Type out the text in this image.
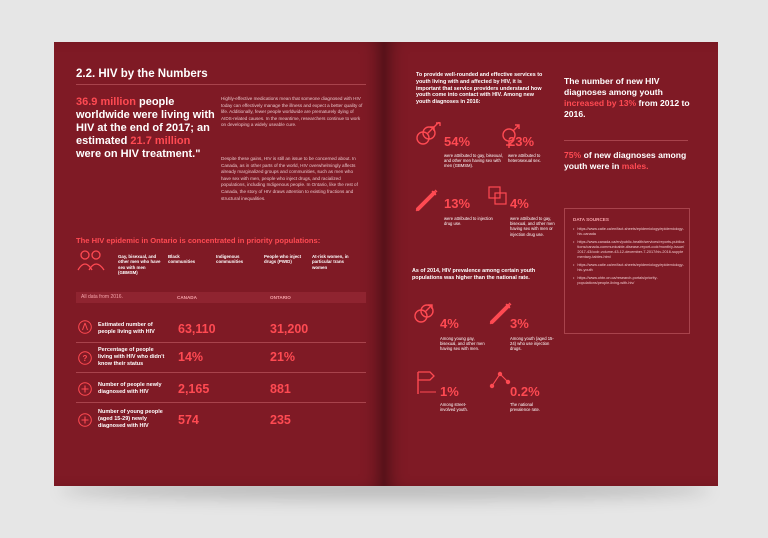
2.2. HIV by the Numbers
36.9 million people worldwide were living with HIV at the end of 2017; an estimated 21.7 million were on HIV treatment."
Highly-effective medications mean that someone diagnosed with HIV today can effectively manage the illness and expect a better quality of life. Additionally, fewer people worldwide are prematurely dying of AIDS-related causes. In the meantime, researchers continue to work on developing a widely useable cure.
Despite these gains, HIV is still an issue to be concerned about. In Canada, as in other parts of the world, HIV overwhelmingly affects already marginalized groups and communities, such as men who have sex with men, people who inject drugs, and racialized populations, including Indigenous people. In Ontario, like the rest of Canada, the story of HIV draws attention to existing fractions and structural inequalities.
The HIV epidemic in Ontario is concentrated in priority populations:
Gay, bisexual, and other men who have sex with men (GBMSM)
Black communities
Indigenous communities
People who inject drugs (PWID)
At-risk women, in particular trans women
All data from 2016.	CANADA	ONTARIO
Estimated number of people living with HIV	63,110	31,200
?
Percentage of people living with HIV who didn't know their status	14%	21%
Number of people newly diagnosed with HIV	2,165	881
Number of young people (aged 15-29) newly diagnosed with HIV	574	235
To provide well-rounded and effective services to youth living with and affected by HIV, it is important that service providers understand how youth come into contact with HIV. Among new youth diagnoses in 2016:
54%
were attributed to gay, bisexual, and other men having sex with men (GBMSM).
23%
were attributed to heterosexual sex.
13%
were attributed to injection drug use.
4%
were attributed to gay, bisexual, and other men having sex with men or injection drug use.
As of 2014, HIV prevalence among certain youth populations was higher than the national rate.
4%
Among young gay, bisexual, and other men having sex with men.
3%
Among youth (aged 15-24) who use injection drugs.
1%
Among street-involved youth.
0.2%
The national prevalence rate.
The number of new HIV diagnoses among youth increased by 13% from 2012 to 2016.
75% of new diagnoses among youth were in males.
DATA SOURCES
• https://www.catie.ca/en/fact-sheets/epidemiology/epidemiology-hiv-canada
• https://www.canada.ca/en/public-health/services/reports-publications/canada-communicable-disease-report-ccdr/monthly-issue/2017-43/ccdr-volume-43-12-december-7-2017/hiv-2016-supplementary-tables.html
• https://www.catie.ca/en/fact-sheets/epidemiology/epidemiology-hiv-youth
• https://www.ohtn.on.ca/research-portals/priority-populations/people-living-with-hiv/
